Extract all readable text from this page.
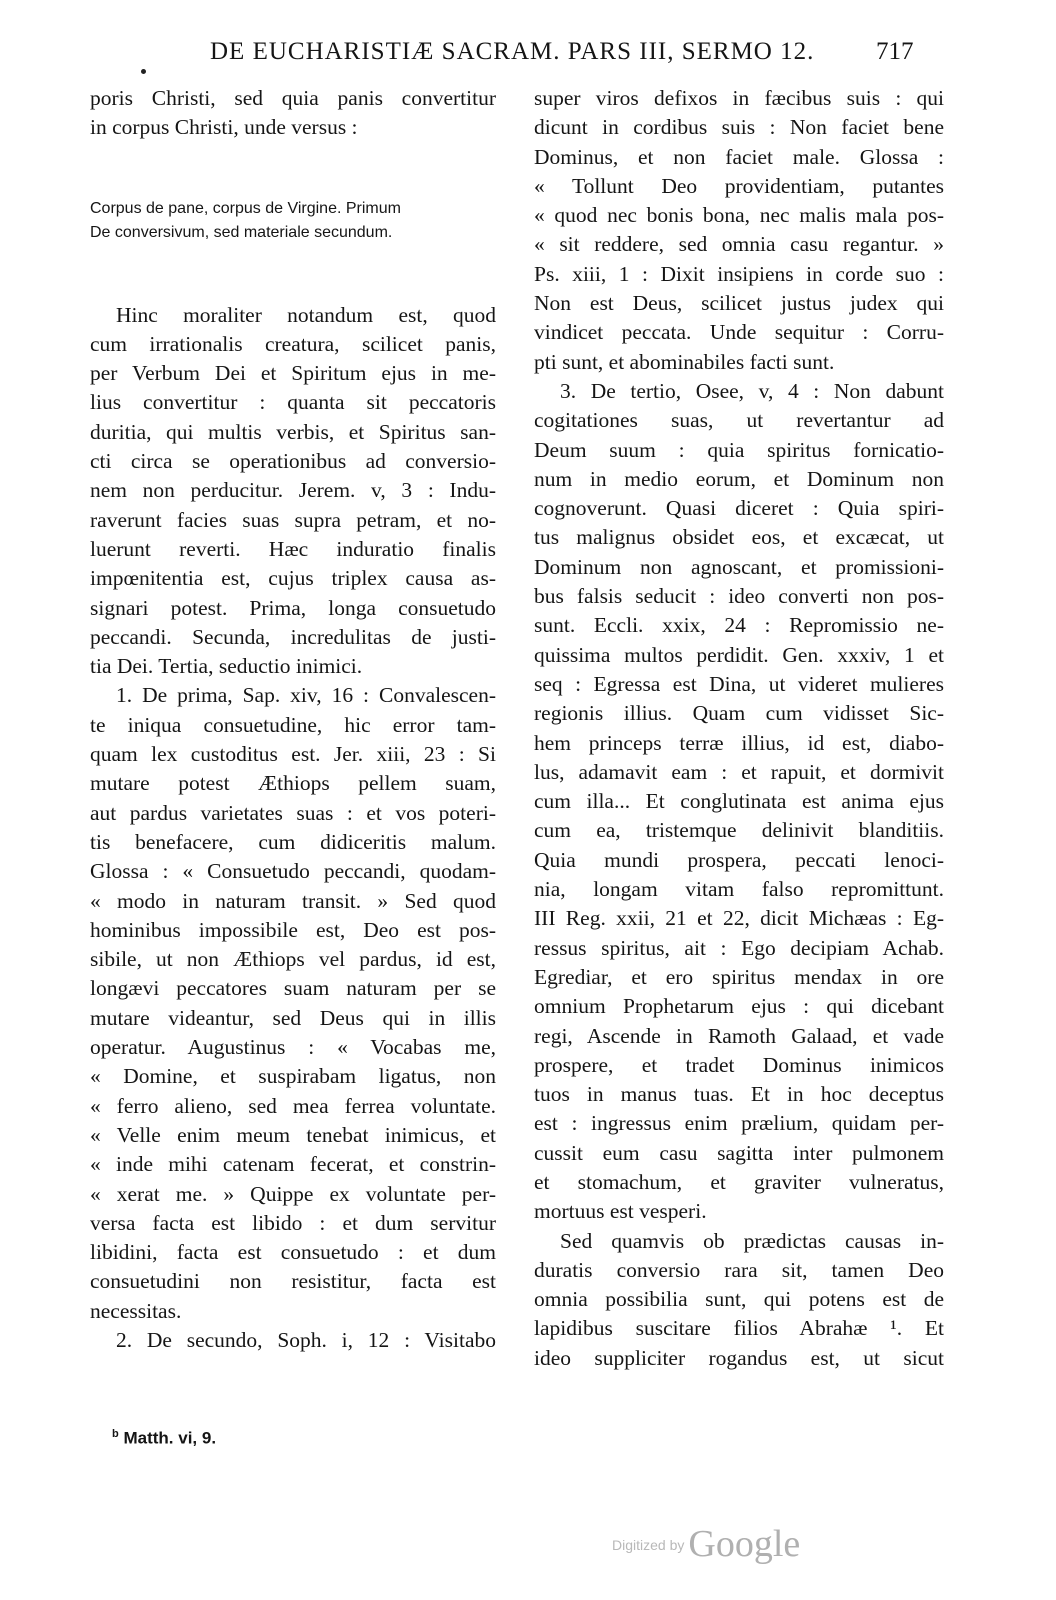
DE EUCHARISTIÆ SACRAM. PARS III, SERMO 12. 717
poris Christi, sed quia panis convertitur
in corpus Christi, unde versus :
Corpus de pane, corpus de Virgine. Primum
De conversivum, sed materiale secundum.
Hinc moraliter notandum est, quod
cum irrationalis creatura, scilicet panis,
per Verbum Dei et Spiritum ejus in me-
lius convertitur : quanta sit peccatoris
duritia, qui multis verbis, et Spiritus san-
cti circa se operationibus ad conversio-
nem non perducitur. Jerem. v, 3 : Indu-
raverunt facies suas supra petram, et no-
luerunt reverti. Hæc induratio finalis
impœnitentia est, cujus triplex causa as-
signari potest. Prima, longa consuetudo
peccandi. Secunda, incredulitas de justi-
tia Dei. Tertia, seductio inimici.
1. De prima, Sap. xiv, 16 : Convalescen-
te iniqua consuetudine, hic error tam-
quam lex custoditus est. Jer. xiii, 23 : Si
mutare potest Æthiops pellem suam,
aut pardus varietates suas : et vos poteri-
tis benefacere, cum didiceritis malum.
Glossa : « Consuetudo peccandi, quodam-
« modo in naturam transit. » Sed quod
hominibus impossibile est, Deo est pos-
sibile, ut non Æthiops vel pardus, id est,
longævi peccatores suam naturam per se
mutare videantur, sed Deus qui in illis
operatur. Augustinus : « Vocabas me,
« Domine, et suspirabam ligatus, non
« ferro alieno, sed mea ferrea voluntate.
« Velle enim meum tenebat inimicus, et
« inde mihi catenam fecerat, et constrin-
« xerat me. » Quippe ex voluntate per-
versa facta est libido : et dum servitur
libidini, facta est consuetudo : et dum
consuetudini non resistitur, facta est
necessitas.
2. De secundo, Soph. i, 12 : Visitabo
super viros defixos in fæcibus suis : qui
dicunt in cordibus suis : Non faciet bene
Dominus, et non faciet male. Glossa :
« Tollunt Deo providentiam, putantes
« quod nec bonis bona, nec malis mala pos-
« sit reddere, sed omnia casu regantur. »
Ps. xiii, 1 : Dixit insipiens in corde suo :
Non est Deus, scilicet justus judex qui
vindicet peccata. Unde sequitur : Corru-
pti sunt, et abominabiles facti sunt.
3. De tertio, Osee, v, 4 : Non dabunt
cogitationes suas, ut revertantur ad
Deum suum : quia spiritus fornicatio-
num in medio eorum, et Dominum non
cognoverunt. Quasi diceret : Quia spiri-
tus malignus obsidet eos, et excæcat, ut
Dominum non agnoscant, et promissioni-
bus falsis seducit : ideo converti non pos-
sunt. Eccli. xxix, 24 : Repromissio ne-
quissima multos perdidit. Gen. xxxiv, 1 et
seq : Egressa est Dina, ut videret mulieres
regionis illius. Quam cum vidisset Sic-
hem princeps terræ illius, id est, diabo-
lus, adamavit eam : et rapuit, et dormivit
cum illa... Et conglutinata est anima ejus
cum ea, tristemque delinivit blanditiis.
Quia mundi prospera, peccati lenoci-
nia, longam vitam falso repromittunt.
III Reg. xxii, 21 et 22, dicit Michæas : Eg-
ressus spiritus, ait : Ego decipiam Achab.
Egrediar, et ero spiritus mendax in ore
omnium Prophetarum ejus : qui dicebant
regi, Ascende in Ramoth Galaad, et vade
prospere, et tradet Dominus inimicos
tuos in manus tuas. Et in hoc deceptus
est : ingressus enim prælium, quidam per-
cussit eum casu sagitta inter pulmonem
et stomachum, et graviter vulneratus,
mortuus est vesperi.
Sed quamvis ob prædictas causas in-
duratis conversio rara sit, tamen Deo
omnia possibilia sunt, qui potens est de
lapidibus suscitare filios Abrahæ ¹. Et
ideo suppliciter rogandus est, ut sicut
$^b$ Matth. vi, 9.
Digitized by Google
